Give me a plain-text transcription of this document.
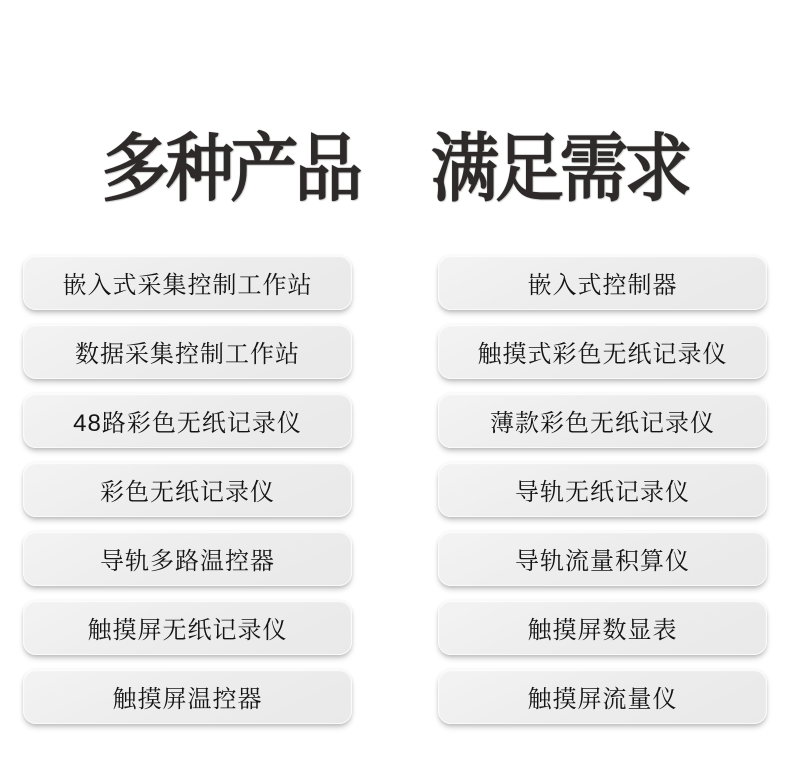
多种产品 满足需求
嵌入式采集控制工作站
数据采集控制工作站
48路彩色无纸记录仪
彩色无纸记录仪
导轨多路温控器
触摸屏无纸记录仪
触摸屏温控器
嵌入式控制器
触摸式彩色无纸记录仪
薄款彩色无纸记录仪
导轨无纸记录仪
导轨流量积算仪
触摸屏数显表
触摸屏流量仪
